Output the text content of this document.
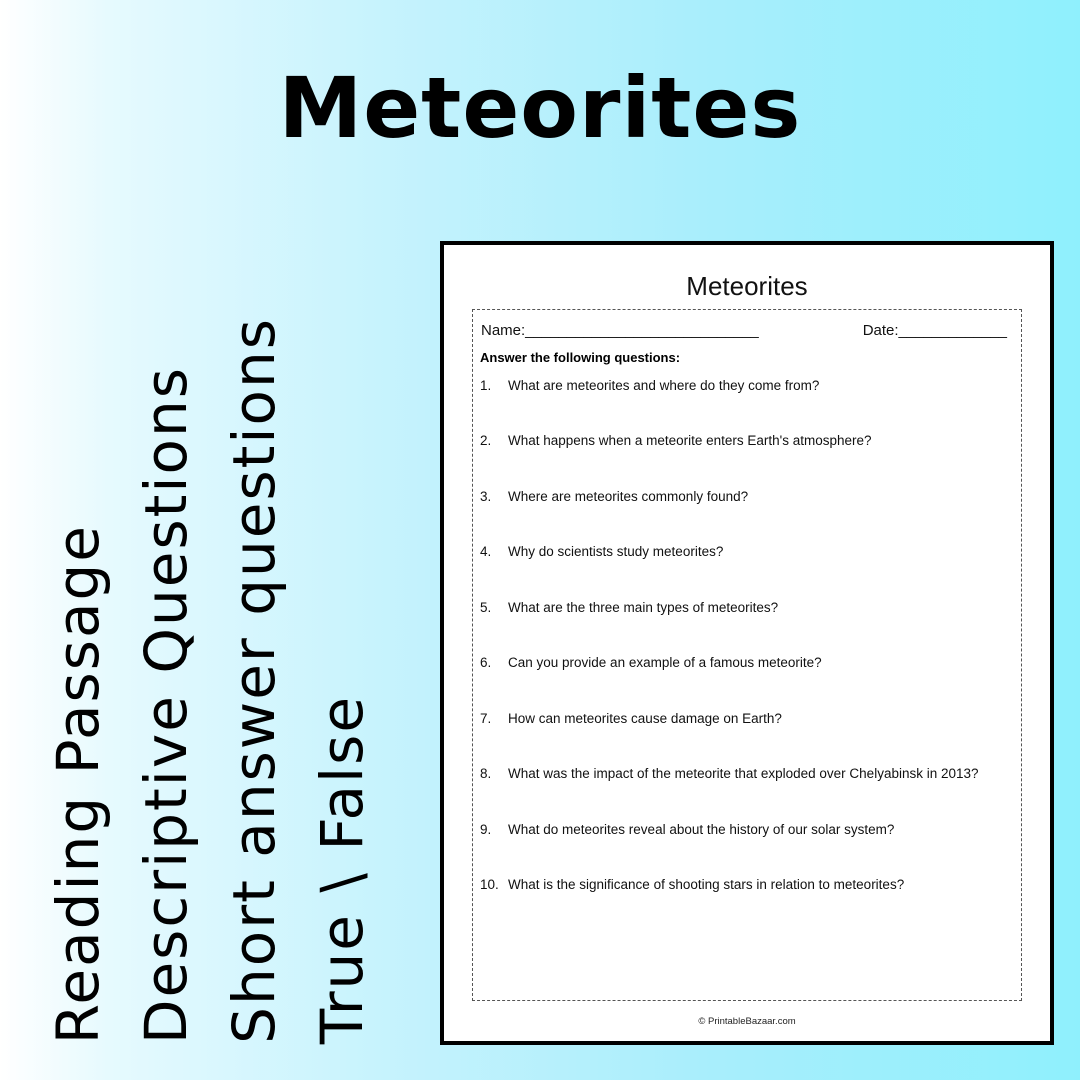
Meteorites
Reading Passage Descriptive Questions Short answer questions True \ False
Meteorites
Name:____________________________	Date:_____________
Answer the following questions:
1.	What are meteorites and where do they come from?
2.	What happens when a meteorite enters Earth's atmosphere?
3.	Where are meteorites commonly found?
4.	Why do scientists study meteorites?
5.	What are the three main types of meteorites?
6.	Can you provide an example of a famous meteorite?
7.	How can meteorites cause damage on Earth?
8.	What was the impact of the meteorite that exploded over Chelyabinsk in 2013?
9.	What do meteorites reveal about the history of our solar system?
10. What is the significance of shooting stars in relation to meteorites?
© PrintableBazaar.com
